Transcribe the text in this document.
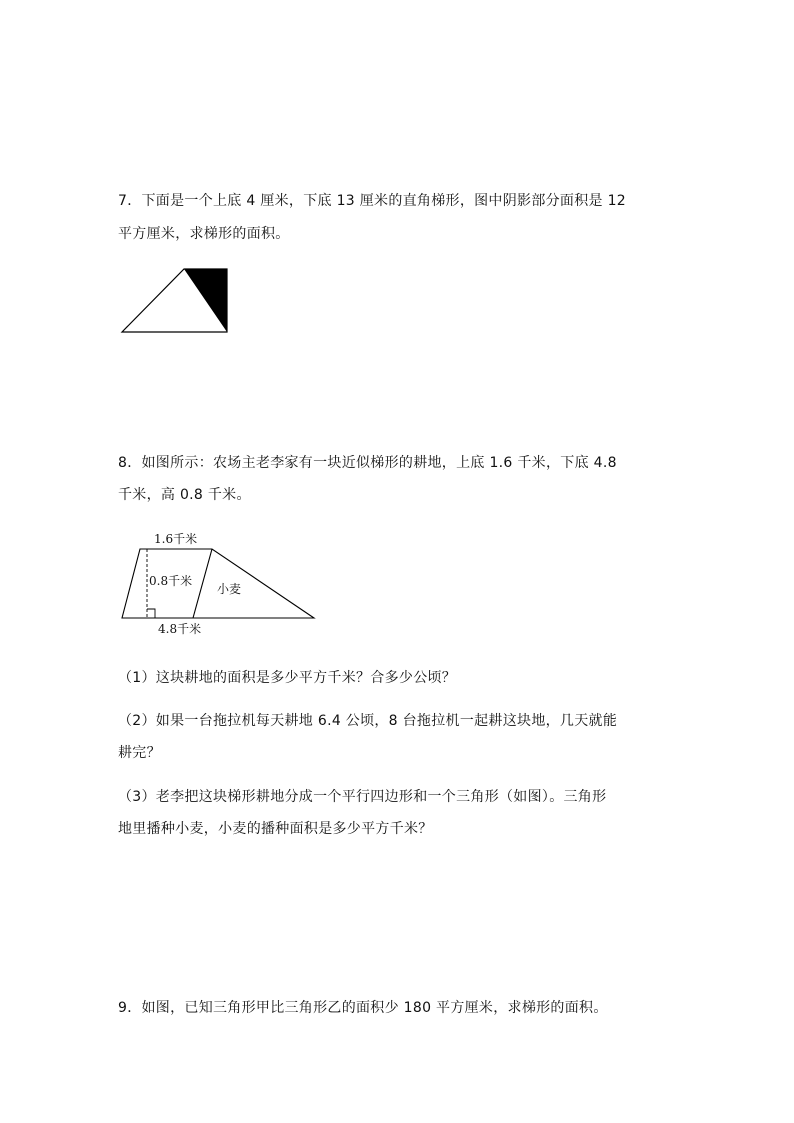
7．下面是一个上底 4 厘米，下底 13 厘米的直角梯形，图中阴影部分面积是 12
平方厘米，求梯形的面积。
8．如图所示：农场主老李家有一块近似梯形的耕地，上底 1.6 千米，下底 4.8
千米，高 0.8 千米。
1.6千米
0.8千米
4.8千米
小麦
（1）这块耕地的面积是多少平方千米？合多少公顷？
（2）如果一台拖拉机每天耕地 6.4 公顷，8 台拖拉机一起耕这块地，几天就能
耕完？
（3）老李把这块梯形耕地分成一个平行四边形和一个三角形（如图）。三角形
地里播种小麦，小麦的播种面积是多少平方千米？
9．如图，已知三角形甲比三角形乙的面积少 180 平方厘米，求梯形的面积。
